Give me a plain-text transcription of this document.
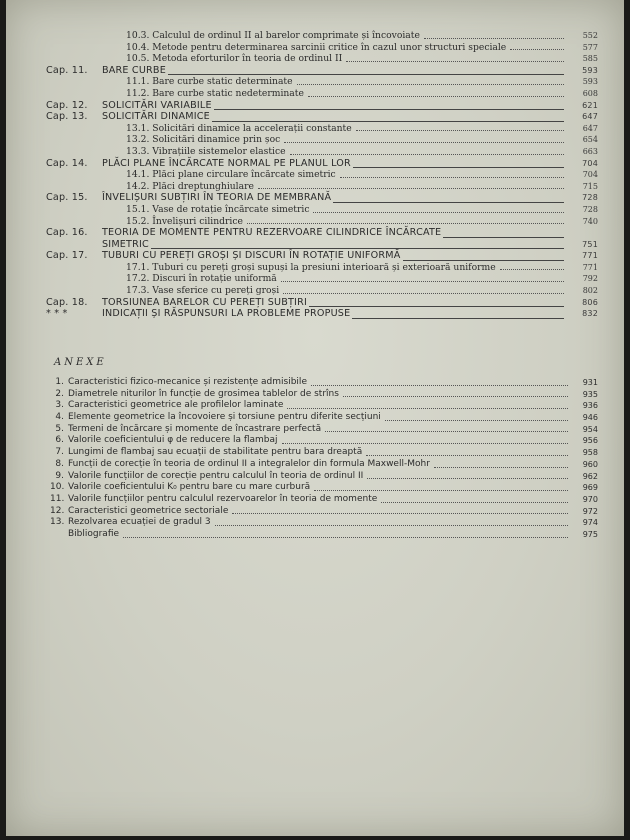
10.3. Calculul de ordinul II al barelor comprimate și încovoiate	552
10.4. Metode pentru determinarea sarcinii critice în cazul unor structuri speciale	577
10.5. Metoda eforturilor în teoria de ordinul II	585
Cap. 11. BARE CURBE	593
11.1. Bare curbe static determinate	593
11.2. Bare curbe static nedeterminate	608
Cap. 12. SOLICITĂRI VARIABILE	621
Cap. 13. SOLICITĂRI DINAMICE	647
13.1. Solicitări dinamice la accelerații constante	647
13.2. Solicitări dinamice prin șoc	654
13.3. Vibrațiile sistemelor elastice	663
Cap. 14. PLĂCI PLANE ÎNCĂRCATE NORMAL PE PLANUL LOR	704
14.1. Plăci plane circulare încărcate simetric	704
14.2. Plăci dreptunghiulare	715
Cap. 15. ÎNVELIȘURI SUBȚIRI ÎN TEORIA DE MEMBRANĂ	728
15.1. Vase de rotație încărcate simetric	728
15.2. Învelișuri cilindrice	740
Cap. 16. TEORIA DE MOMENTE PENTRU REZERVOARE CILINDRICE ÎNCĂRCATE
SIMETRIC	751
Cap. 17. TUBURI CU PEREȚI GROȘI ȘI DISCURI ÎN ROTAȚIE UNIFORMĂ	771
17.1. Tuburi cu pereți groși supuși la presiuni interioară și exterioară uniforme	771
17.2. Discuri în rotație uniformă	792
17.3. Vase sferice cu pereți groși	802
Cap. 18. TORSIUNEA BARELOR CU PEREȚI SUBȚIRI	806
* * *	INDICAȚII ȘI RĂSPUNSURI LA PROBLEME PROPUSE	832
ANEXE
1. Caracteristici fizico-mecanice și rezistențe admisibile	931
2. Diametrele niturilor în funcție de grosimea tablelor de strîns	935
3. Caracteristici geometrice ale profilelor laminate	936
4. Elemente geometrice la încovoiere și torsiune pentru diferite secțiuni	946
5. Termeni de încărcare și momente de încastrare perfectă	954
6. Valorile coeficientului φ de reducere la flambaj	956
7. Lungimi de flambaj sau ecuații de stabilitate pentru bara dreaptă	958
8. Funcții de corecție în teoria de ordinul II a integralelor din formula Maxwell-Mohr	960
9. Valorile funcțiilor de corecție pentru calculul în teoria de ordinul II	962
10. Valorile coeficientului K₀ pentru bare cu mare curbură	969
11. Valorile funcțiilor pentru calculul rezervoarelor în teoria de momente	970
12. Caracteristici geometrice sectoriale	972
13. Rezolvarea ecuației de gradul 3	974
Bibliografie	975
